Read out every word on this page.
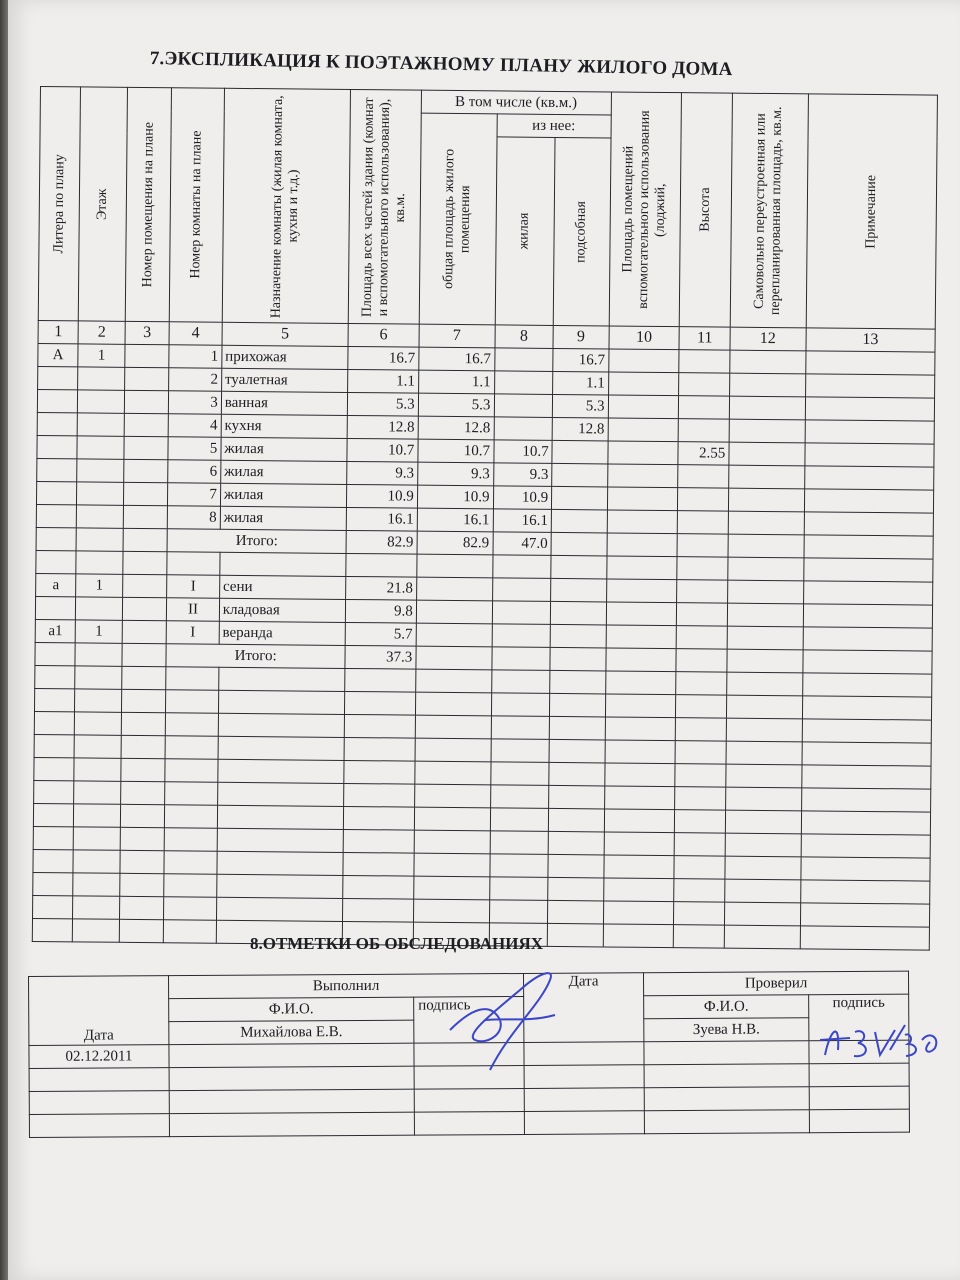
7.ЭКСПЛИКАЦИЯ К ПОЭТАЖНОМУ ПЛАНУ ЖИЛОГО ДОМА
Литера по плану	Этаж	Номер помещения на плане	Номер комнаты на плане	Назначение комнаты (жилая комната, кухня и т.д.)	Площадь всех частей здания (комнат и вспомогательного использования), кв.м.	В том числе (кв.м.)			Площадь помещений вспомогательного использования (лоджий,	Высота	Самовольно переустроенная или перепланированная площадь, кв.м.	Примечание

						общая площадь жилого помещения	из нее:					

							жилая	подсобная				

1	2	3	4	5	6	7	8	9	10	11	12	13
А	1		1	прихожая	16.7	16.7		16.7				
			2	туалетная	1.1	1.1		1.1				
			3	ванная	5.3	5.3		5.3				
			4	кухня	12.8	12.8		12.8				
			5	жилая	10.7	10.7	10.7			2.55		
			6	жилая	9.3	9.3	9.3					
			7	жилая	10.9	10.9	10.9					
			8	жилая	16.1	16.1	16.1					
			Итого:		82.9	82.9	47.0					

а	1		I	сени	21.8							
			II	кладовая	9.8							
а1	1		I	веранда	5.7							
			Итого:		37.3							

8.ОТМЕТКИ ОБ ОБСЛЕДОВАНИЯХ
Дата	Выполнил		Дата	Проверил	
	Ф.И.О.	подпись		Ф.И.О.	подпись
	Михайлова Е.В.			Зуева Н.В.	
02.12.2011					
